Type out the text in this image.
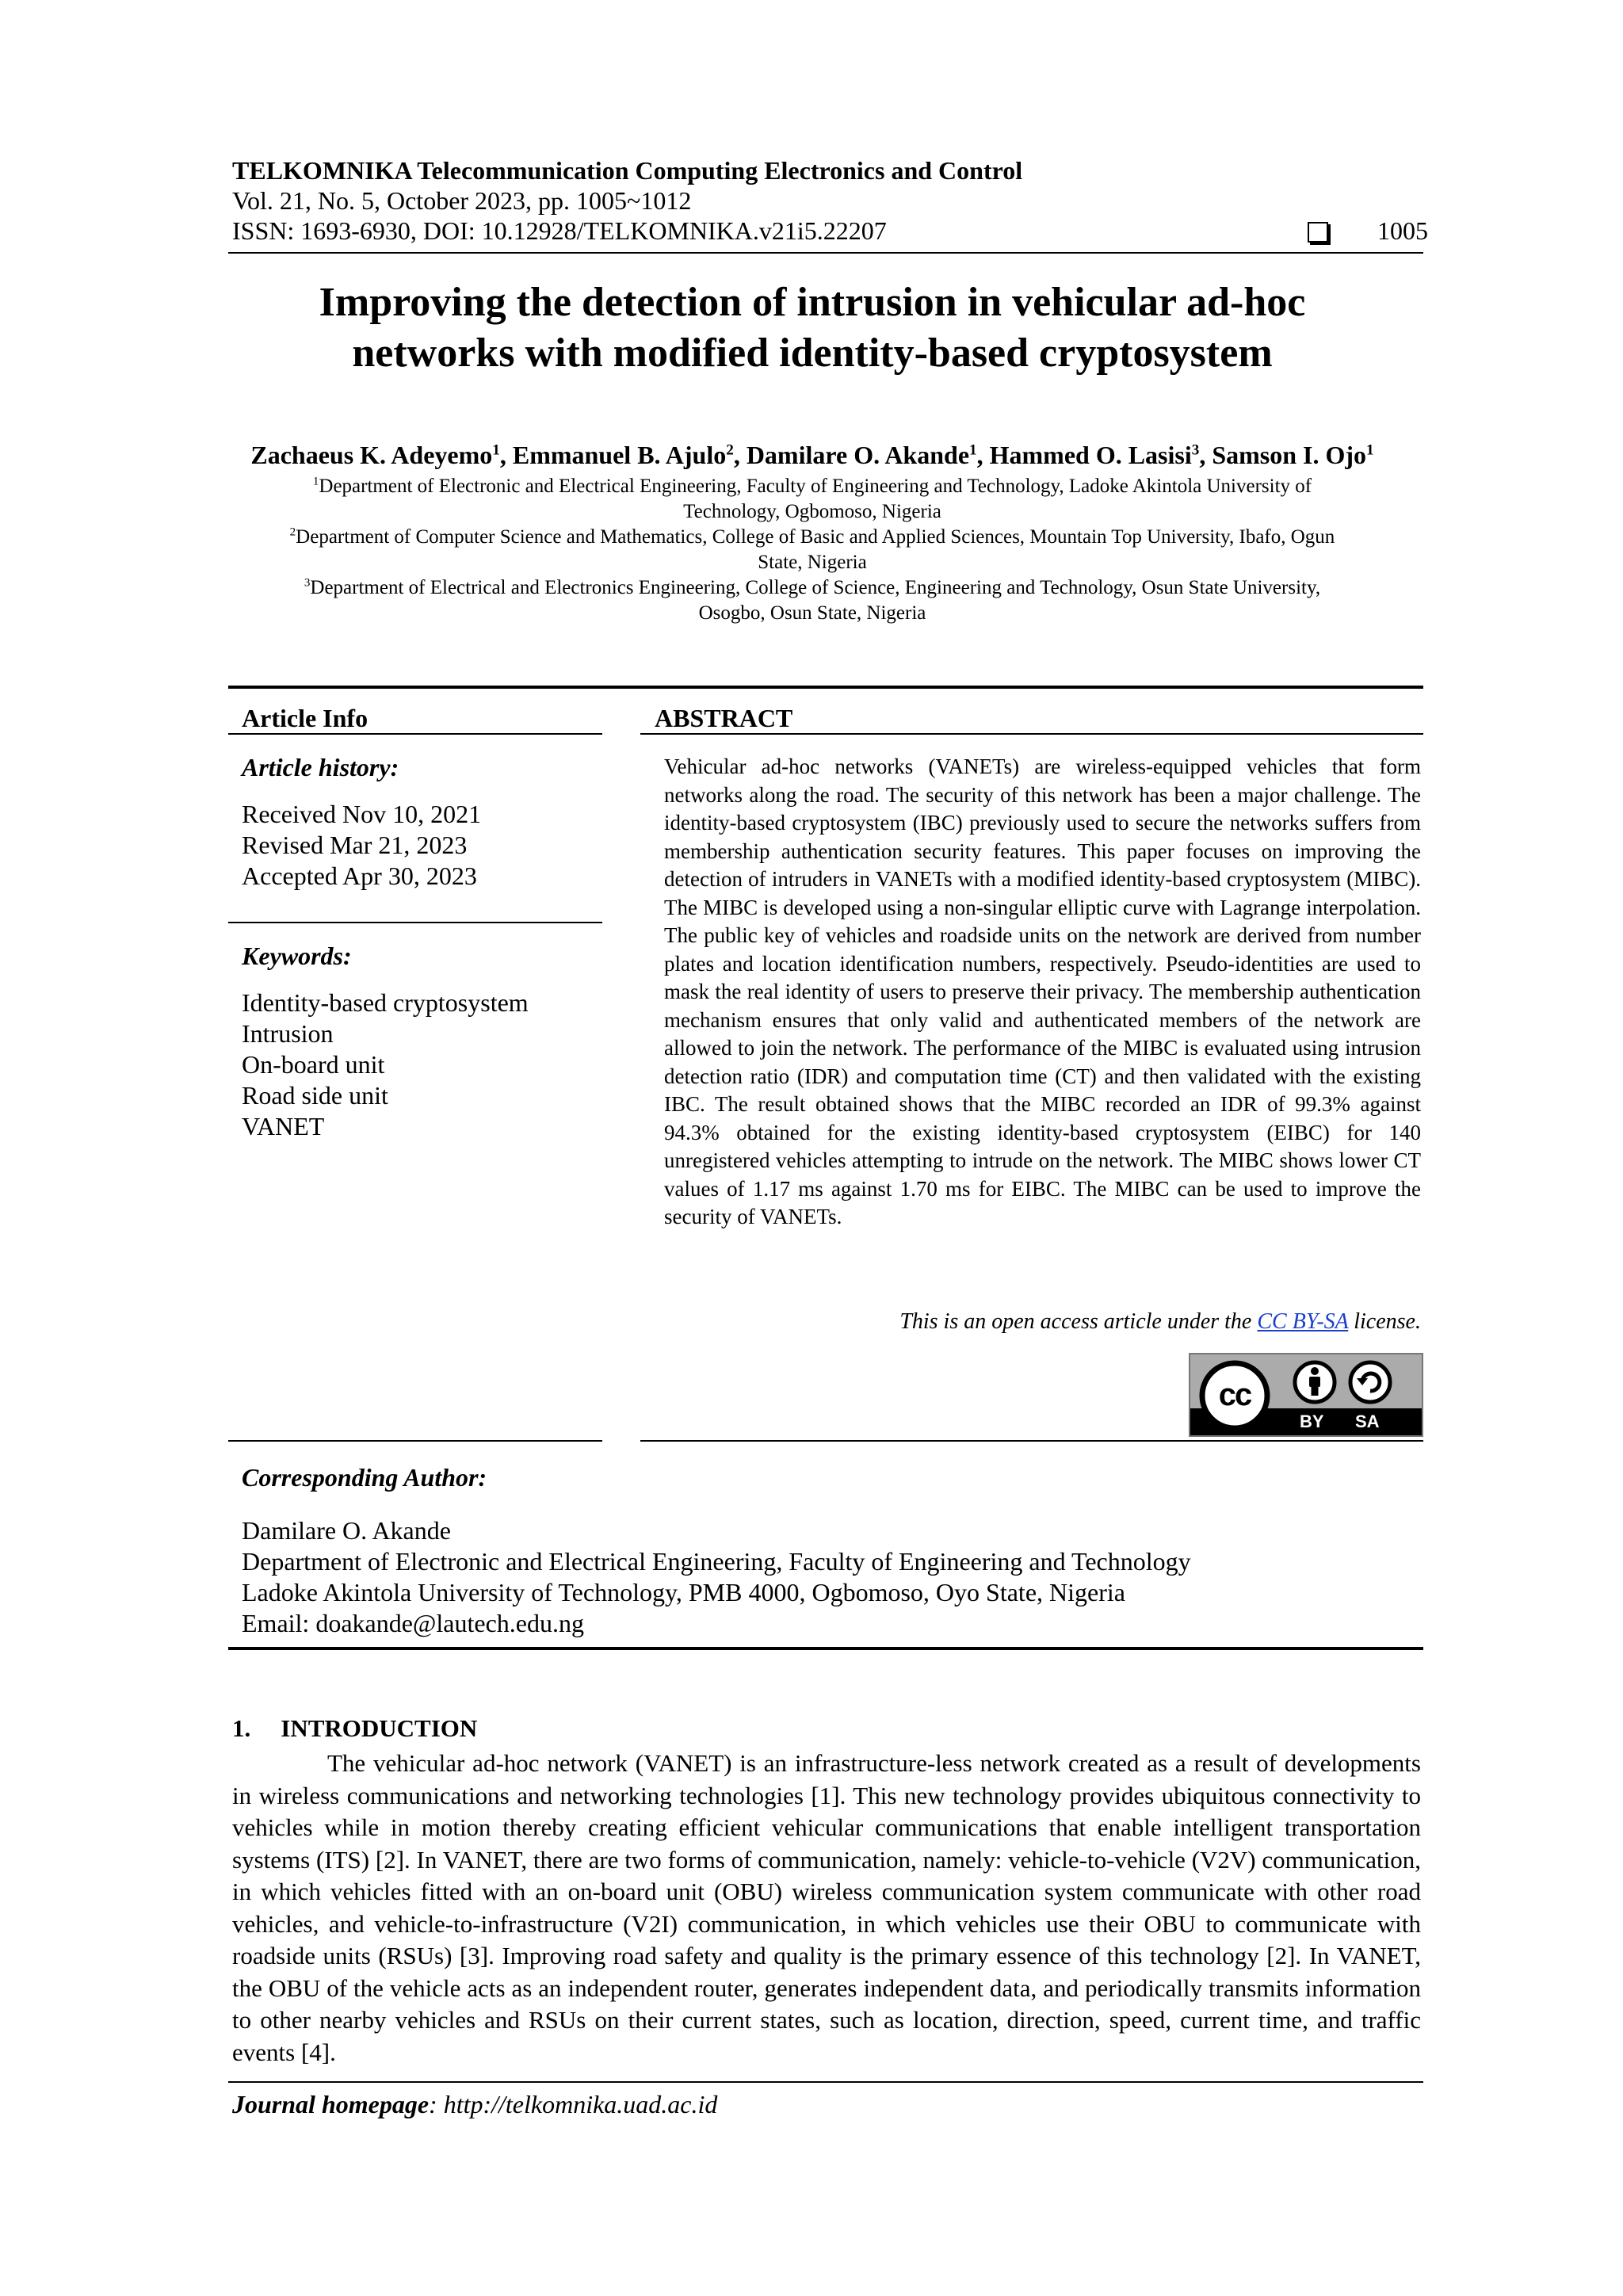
TELKOMNIKA Telecommunication Computing Electronics and Control
Vol. 21, No. 5, October 2023, pp. 1005~1012
ISSN: 1693-6930, DOI: 10.12928/TELKOMNIKA.v21i5.22207	1005
Improving the detection of intrusion in vehicular ad-hoc
networks with modified identity-based cryptosystem
Zachaeus K. Adeyemo$^1$, Emmanuel B. Ajulo$^2$, Damilare O. Akande$^1$, Hammed O. Lasisi$^3$, Samson I. Ojo$^1$
$^1$Department of Electronic and Electrical Engineering, Faculty of Engineering and Technology, Ladoke Akintola University of
Technology, Ogbomoso, Nigeria
$^2$Department of Computer Science and Mathematics, College of Basic and Applied Sciences, Mountain Top University, Ibafo, Ogun
State, Nigeria
$^3$Department of Electrical and Electronics Engineering, College of Science, Engineering and Technology, Osun State University,
Osogbo, Osun State, Nigeria
Article Info
Article history:
Received Nov 10, 2021
Revised Mar 21, 2023
Accepted Apr 30, 2023
Keywords:
Identity-based cryptosystem
Intrusion
On-board unit
Road side unit
VANET
ABSTRACT
Vehicular ad-hoc networks (VANETs) are wireless-equipped vehicles that form networks along the road. The security of this network has been a major challenge. The identity-based cryptosystem (IBC) previously used to secure the networks suffers from membership authentication security features. This paper focuses on improving the detection of intruders in VANETs with a modified identity-based cryptosystem (MIBC). The MIBC is developed using a non-singular elliptic curve with Lagrange interpolation. The public key of vehicles and roadside units on the network are derived from number plates and location identification numbers, respectively. Pseudo-identities are used to mask the real identity of users to preserve their privacy. The membership authentication mechanism ensures that only valid and authenticated members of the network are allowed to join the network. The performance of the MIBC is evaluated using intrusion detection ratio (IDR) and computation time (CT) and then validated with the existing IBC. The result obtained shows that the MIBC recorded an IDR of 99.3% against 94.3% obtained for the existing identity-based cryptosystem (EIBC) for 140 unregistered vehicles attempting to intrude on the network. The MIBC shows lower CT values of 1.17 ms against 1.70 ms for EIBC. The MIBC can be used to improve the security of VANETs.
This is an open access article under the CC BY-SA license.
cc
BY SA
Corresponding Author:
Damilare O. Akande
Department of Electronic and Electrical Engineering, Faculty of Engineering and Technology
Ladoke Akintola University of Technology, PMB 4000, Ogbomoso, Oyo State, Nigeria
Email: doakande@lautech.edu.ng
1. INTRODUCTION
The vehicular ad-hoc network (VANET) is an infrastructure-less network created as a result of developments in wireless communications and networking technologies [1]. This new technology provides ubiquitous connectivity to vehicles while in motion thereby creating efficient vehicular communications that enable intelligent transportation systems (ITS) [2]. In VANET, there are two forms of communication, namely: vehicle-to-vehicle (V2V) communication, in which vehicles fitted with an on-board unit (OBU) wireless communication system communicate with other road vehicles, and vehicle-to-infrastructure (V2I) communication, in which vehicles use their OBU to communicate with roadside units (RSUs) [3]. Improving road safety and quality is the primary essence of this technology [2]. In VANET, the OBU of the vehicle acts as an independent router, generates independent data, and periodically transmits information to other nearby vehicles and RSUs on their current states, such as location, direction, speed, current time, and traffic events [4].
Journal homepage: http://telkomnika.uad.ac.id
